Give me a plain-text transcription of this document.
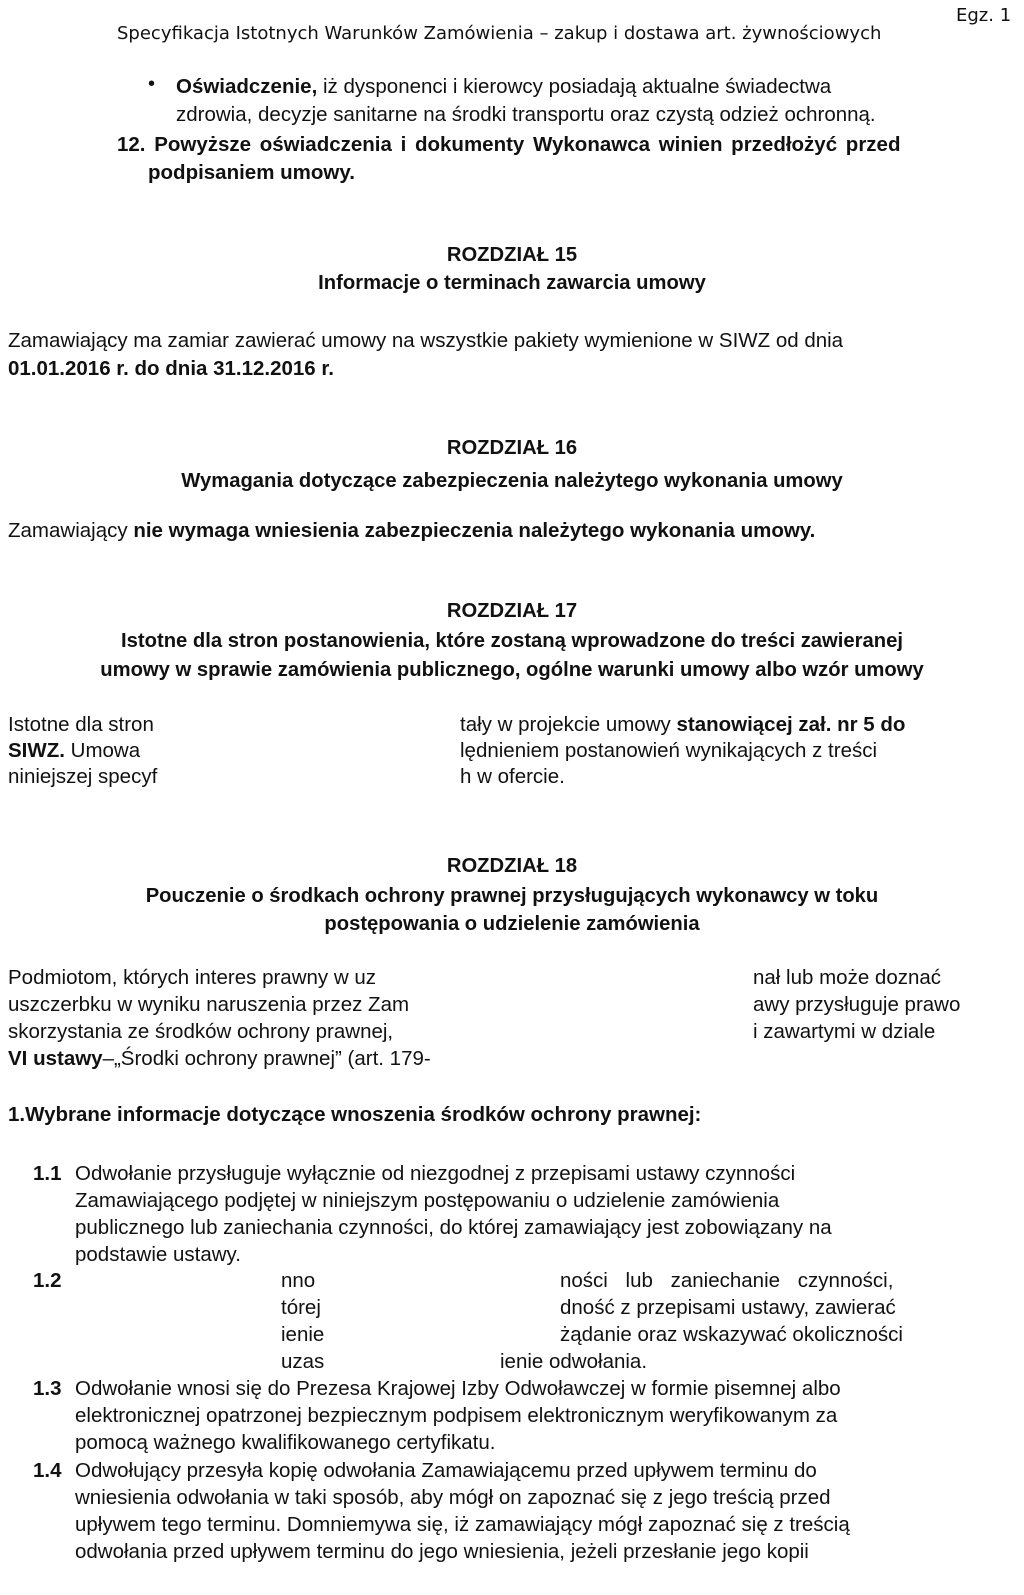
Specyfikacja Istotnych Warunków Zamówienia – zakup i dostawa art. żywnościowych
Egz. 1
• Oświadczenie, iż dysponenci i kierowcy posiadają aktualne świadectwa
zdrowia, decyzje sanitarne na środki transportu oraz czystą odzież ochronną.
12. Powyższe oświadczenia i dokumenty Wykonawca winien przedłożyć przed
podpisaniem umowy.
ROZDZIAŁ 15
Informacje o terminach zawarcia umowy
Zamawiający ma zamiar zawierać umowy na wszystkie pakiety wymienione w SIWZ od dnia
01.01.2016 r. do dnia 31.12.2016 r.
ROZDZIAŁ 16
Wymagania dotyczące zabezpieczenia należytego wykonania umowy
Zamawiający nie wymaga wniesienia zabezpieczenia należytego wykonania umowy.
ROZDZIAŁ 17
Istotne dla stron postanowienia, które zostaną wprowadzone do treści zawieranej
umowy w sprawie zamówienia publicznego, ogólne warunki umowy albo wzór umowy
Istotne dla stron
SIWZ. Umowa
niniejszej specyf
tały w projekcie umowy stanowiącej zał. nr 5 do
lędnieniem postanowień wynikających z treści
h w ofercie.
ROZDZIAŁ 18
Pouczenie o środkach ochrony prawnej przysługujących wykonawcy w toku
postępowania o udzielenie zamówienia
Podmiotom, których interes prawny w uz
uszczerbku w wyniku naruszenia przez Zam
skorzystania ze środków ochrony prawnej,
VI ustawy–„Środki ochrony prawnej” (art. 179-
nał lub może doznać
awy przysługuje prawo
i zawartymi w dziale
1.Wybrane informacje dotyczące wnoszenia środków ochrony prawnej:
1.1 Odwołanie przysługuje wyłącznie od niezgodnej z przepisami ustawy czynności
Zamawiającego podjętej w niniejszym postępowaniu o udzielenie zamówienia
publicznego lub zaniechania czynności, do której zamawiający jest zobowiązany na
podstawie ustawy.
1.2	nno
tórej
ienie
uzas
ności lub zaniechanie czynności,
dność z przepisami ustawy, zawierać
żądanie oraz wskazywać okoliczności
ienie odwołania.
1.3 Odwołanie wnosi się do Prezesa Krajowej Izby Odwoławczej w formie pisemnej albo
elektronicznej opatrzonej bezpiecznym podpisem elektronicznym weryfikowanym za
pomocą ważnego kwalifikowanego certyfikatu.
1.4 Odwołujący przesyła kopię odwołania Zamawiającemu przed upływem terminu do
wniesienia odwołania w taki sposób, aby mógł on zapoznać się z jego treścią przed
upływem tego terminu. Domniemywa się, iż zamawiający mógł zapoznać się z treścią
odwołania przed upływem terminu do jego wniesienia, jeżeli przesłanie jego kopii
